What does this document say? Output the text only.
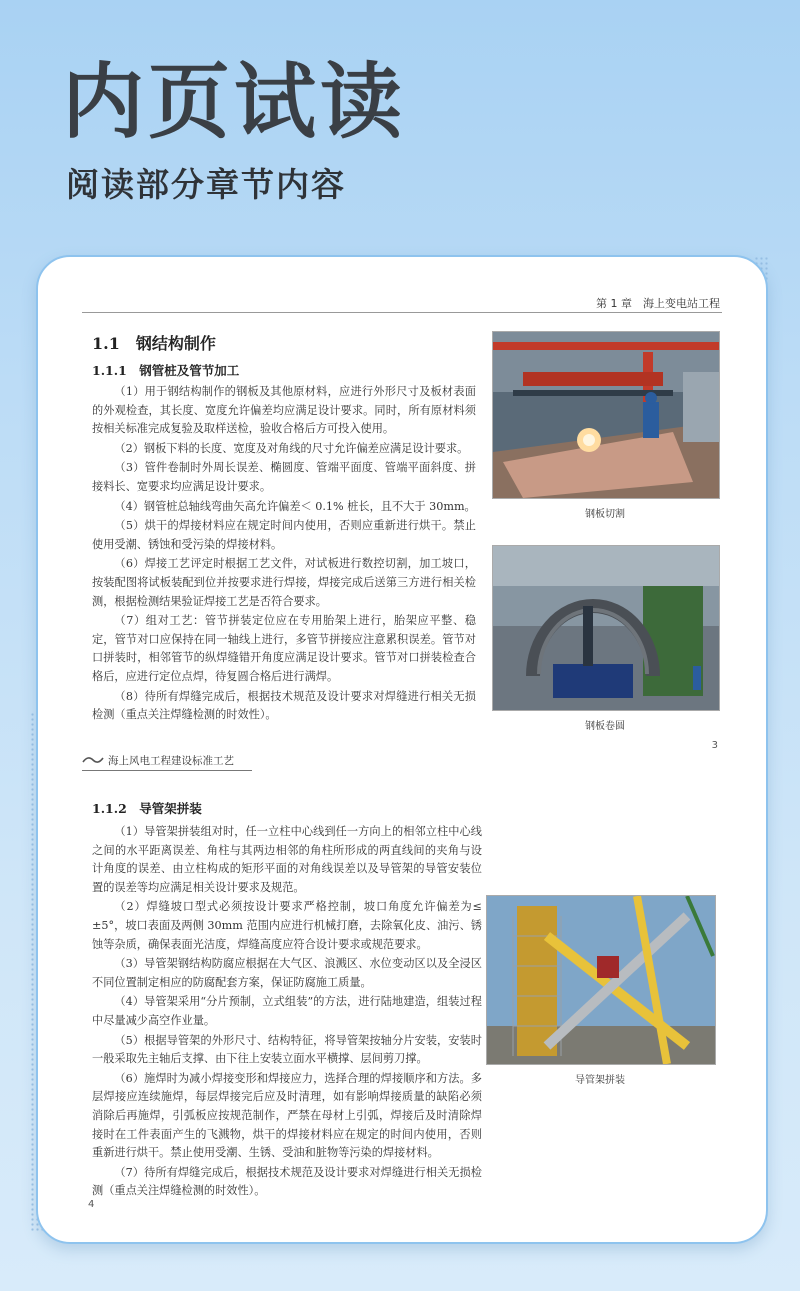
内页试读
阅读部分章节内容
第 1 章　海上变电站工程
1.1　钢结构制作
1.1.1　钢管桩及管节加工

（1）用于钢结构制作的钢板及其他原材料，应进行外形尺寸及板材表面的外观检查，其长度、宽度允许偏差均应满足设计要求。同时，所有原材料须按相关标准完成复验及取样送检，验收合格后方可投入使用。

（2）钢板下料的长度、宽度及对角线的尺寸允许偏差应满足设计要求。

（3）管件卷制时外周长误差、椭圆度、管端平面度、管端平面斜度、拼接料长、宽要求均应满足设计要求。

（4）钢管桩总轴线弯曲矢高允许偏差＜ 0.1% 桩长，且不大于 30mm。

（5）烘干的焊接材料应在规定时间内使用，否则应重新进行烘干。禁止使用受潮、锈蚀和受污染的焊接材料。

（6）焊接工艺评定时根据工艺文件，对试板进行数控切割，加工坡口，按装配图将试板装配到位并按要求进行焊接，焊接完成后送第三方进行相关检测，根据检测结果验证焊接工艺是否符合要求。

（7）组对工艺：管节拼装定位应在专用胎架上进行，胎架应平整、稳定，管节对口应保持在同一轴线上进行，多管节拼接应注意累积误差。管节对口拼装时，相邻管节的纵焊缝错开角度应满足设计要求。管节对口拼装检查合格后，应进行定位点焊，待复圆合格后进行满焊。

（8）待所有焊缝完成后，根据技术规范及设计要求对焊缝进行相关无损检测（重点关注焊缝检测的时效性）。

钢板切割
钢板卷圆
3
海上风电工程建设标准工艺
1.1.2　导管架拼装

（1）导管架拼装组对时，任一立柱中心线到任一方向上的相邻立柱中心线之间的水平距离误差、角柱与其两边相邻的角柱所形成的两直线间的夹角与设计角度的误差、由立柱构成的矩形平面的对角线误差以及导管架的导管安装位置的误差等均应满足相关设计要求及规范。

（2）焊缝坡口型式必须按设计要求严格控制，坡口角度允许偏差为≤ ±5°，坡口表面及两侧 30mm 范围内应进行机械打磨，去除氧化皮、油污、锈蚀等杂质，确保表面光洁度，焊缝高度应符合设计要求或规范要求。

（3）导管架钢结构防腐应根据在大气区、浪溅区、水位变动区以及全浸区不同位置制定相应的防腐配套方案，保证防腐施工质量。

（4）导管架采用“分片预制，立式组装”的方法，进行陆地建造，组装过程中尽量减少高空作业量。

（5）根据导管架的外形尺寸、结构特征，将导管架按轴分片安装，安装时一般采取先主轴后支撑、由下往上安装立面水平横撑、层间剪刀撑。

（6）施焊时为减小焊接变形和焊接应力，选择合理的焊接顺序和方法。多层焊接应连续施焊，每层焊接完后应及时清理，如有影响焊接质量的缺陷必须消除后再施焊，引弧板应按规范制作，严禁在母材上引弧，焊接后及时清除焊接时在工件表面产生的飞溅物，烘干的焊接材料应在规定的时间内使用，否则重新进行烘干。禁止使用受潮、生锈、受油和脏物等污染的焊接材料。

（7）待所有焊缝完成后，根据技术规范及设计要求对焊缝进行相关无损检测（重点关注焊缝检测的时效性）。

导管架拼装
4
